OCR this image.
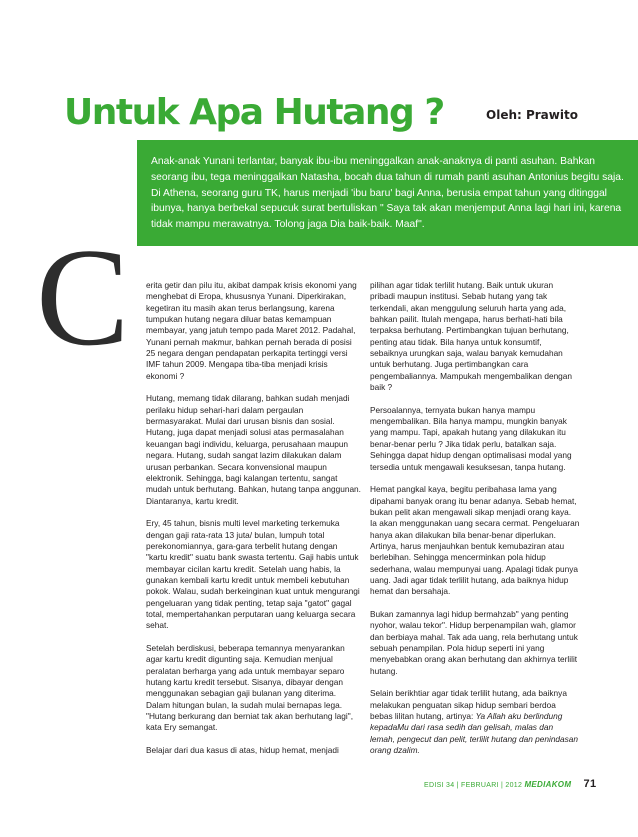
Untuk Apa Hutang ?	Oleh: Prawito

Anak-anak Yunani terlantar, banyak ibu-ibu meninggalkan anak-anaknya di panti asuhan. Bahkan seorang ibu, tega meninggalkan Natasha, bocah dua tahun di rumah panti asuhan Antonius begitu saja. Di Athena, seorang guru TK, harus menjadi 'ibu baru' bagi Anna, berusia empat tahun yang ditinggal ibunya, hanya berbekal sepucuk surat bertuliskan " Saya tak akan menjemput Anna lagi hari ini, karena tidak mampu merawatnya. Tolong jaga Dia baik-baik. Maaf".

C erita getir dan pilu itu, akibat dampak krisis ekonomi yang menghebat di Eropa, khususnya Yunani. Diperkirakan, kegetiran itu masih akan terus berlangsung, karena tumpukan hutang negara diluar batas kemampuan membayar, yang jatuh tempo pada Maret 2012. Padahal, Yunani pernah makmur, bahkan pernah berada di posisi 25 negara dengan pendapatan perkapita tertinggi versi IMF tahun 2009. Mengapa tiba-tiba menjadi krisis ekonomi ?

Hutang, memang tidak dilarang, bahkan sudah menjadi perilaku hidup sehari-hari dalam pergaulan bermasyarakat. Mulai dari urusan bisnis dan sosial. Hutang, juga dapat menjadi solusi atas permasalahan keuangan bagi individu, keluarga, perusahaan maupun negara. Hutang, sudah sangat lazim dilakukan dalam urusan perbankan. Secara konvensional maupun elektronik. Sehingga, bagi kalangan tertentu, sangat mudah untuk berhutang. Bahkan, hutang tanpa anggunan. Diantaranya, kartu kredit.

Ery, 45 tahun, bisnis multi level marketing terkemuka dengan gaji rata-rata 13 juta/ bulan, lumpuh total perekonomiannya, gara-gara terbelit hutang dengan "kartu kredit" suatu bank swasta tertentu. Gaji habis untuk membayar cicilan kartu kredit. Setelah uang habis, la gunakan kembali kartu kredit untuk membeli kebutuhan pokok. Walau, sudah berkeinginan kuat untuk mengurangi pengeluaran yang tidak penting, tetap saja "gatot" gagal total, mempertahankan perputaran uang keluarga secara sehat.

Setelah berdiskusi, beberapa temannya menyarankan agar kartu kredit digunting saja. Kemudian menjual peralatan berharga yang ada untuk membayar separo hutang kartu kredit tersebut. Sisanya, dibayar dengan menggunakan sebagian gaji bulanan yang diterima. Dalam hitungan bulan, la sudah mulai bernapas lega. "Hutang berkurang dan berniat tak akan berhutang lagi", kata Ery semangat.

Belajar dari dua kasus di atas, hidup hemat, menjadi

pilihan agar tidak terlilit hutang. Baik untuk ukuran pribadi maupun institusi. Sebab hutang yang tak terkendali, akan menggulung seluruh harta yang ada, bahkan pailit. Itulah mengapa, harus berhati-hati bila terpaksa berhutang. Pertimbangkan tujuan berhutang, penting atau tidak. Bila hanya untuk konsumtif, sebaiknya urungkan saja, walau banyak kemudahan untuk berhutang. Juga pertimbangkan cara pengembaliannya. Mampukah mengembalikan dengan baik ?

Persoalannya, ternyata bukan hanya mampu mengembalikan. Bila hanya mampu, mungkin banyak yang mampu. Tapi, apakah hutang yang dilakukan itu benar-benar perlu ? Jika tidak perlu, batalkan saja. Sehingga dapat hidup dengan optimalisasi modal yang tersedia untuk mengawali kesuksesan, tanpa hutang.

Hemat pangkal kaya, begitu peribahasa lama yang dipahami banyak orang itu benar adanya. Sebab hemat, bukan pelit akan mengawali sikap menjadi orang kaya. Ia akan menggunakan uang secara cermat. Pengeluaran hanya akan dilakukan bila benar-benar diperlukan. Artinya, harus menjauhkan bentuk kemubaziran atau berlebihan. Sehingga mencerminkan pola hidup sederhana, walau mempunyai uang. Apalagi tidak punya uang. Jadi agar tidak terlilit hutang, ada baiknya hidup hemat dan bersahaja.

Bukan zamannya lagi hidup bermahzab" yang penting nyohor, walau tekor". Hidup berpenampilan wah, glamor dan berbiaya mahal. Tak ada uang, rela berhutang untuk sebuah penampilan. Pola hidup seperti ini yang menyebabkan orang akan berhutang dan akhirnya terlilit hutang.

Selain berikhtiar agar tidak terlilit hutang, ada baiknya melakukan penguatan sikap hidup sembari berdoa bebas lilitan hutang, artinya: Ya Allah aku berlindung kepadaMu dari rasa sedih dan gelisah, malas dan lemah, pengecut dan pelit, terlilit hutang dan penindasan orang dzalim.

EDISI 34 | FEBRUARI | 2012 MEDIAKOM 71
